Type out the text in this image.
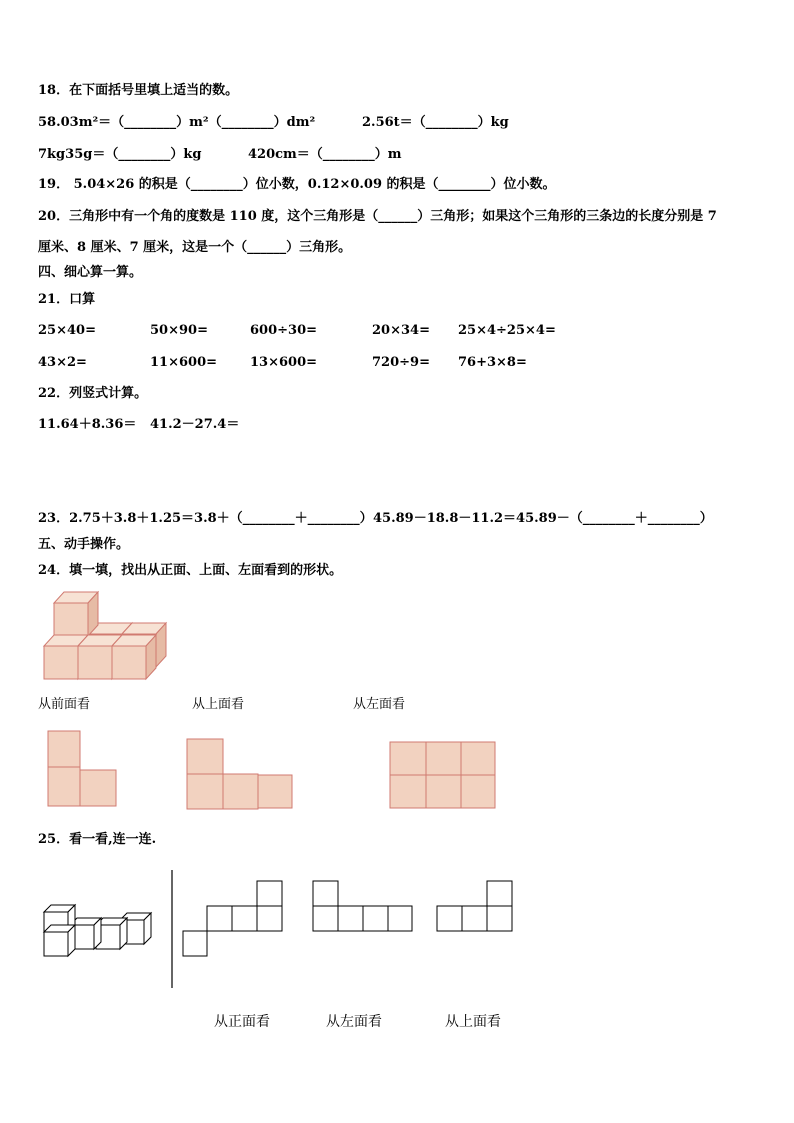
18．在下面括号里填上适当的数。
58.03m²＝（________）m²（________）dm²	2.56t＝（________）kg
7kg35g＝（________）kg	420cm＝（________）m
19． 5.04×26 的积是（________）位小数，0.12×0.09 的积是（________）位小数。
20．三角形中有一个角的度数是 110 度，这个三角形是（______）三角形；如果这个三角形的三条边的长度分别是 7
厘米、8 厘米、7 厘米，这是一个（______）三角形。
四、细心算一算。
21．口算
25×40=	50×90=	600÷30=	20×34= 25×4÷25×4=
43×2=	11×600=	13×600=	720÷9= 76+3×8=
22．列竖式计算。
11.64＋8.36＝ 41.2－27.4＝
23．2.75＋3.8＋1.25＝3.8＋（________＋________） 45.89－18.8－11.2＝45.89－（________＋________）
五、动手操作。
24．填一填，找出从正面、上面、左面看到的形状。
从前面看	从上面看	从左面看
25．看一看,连一连.
从正面看	从左面看	从上面看
